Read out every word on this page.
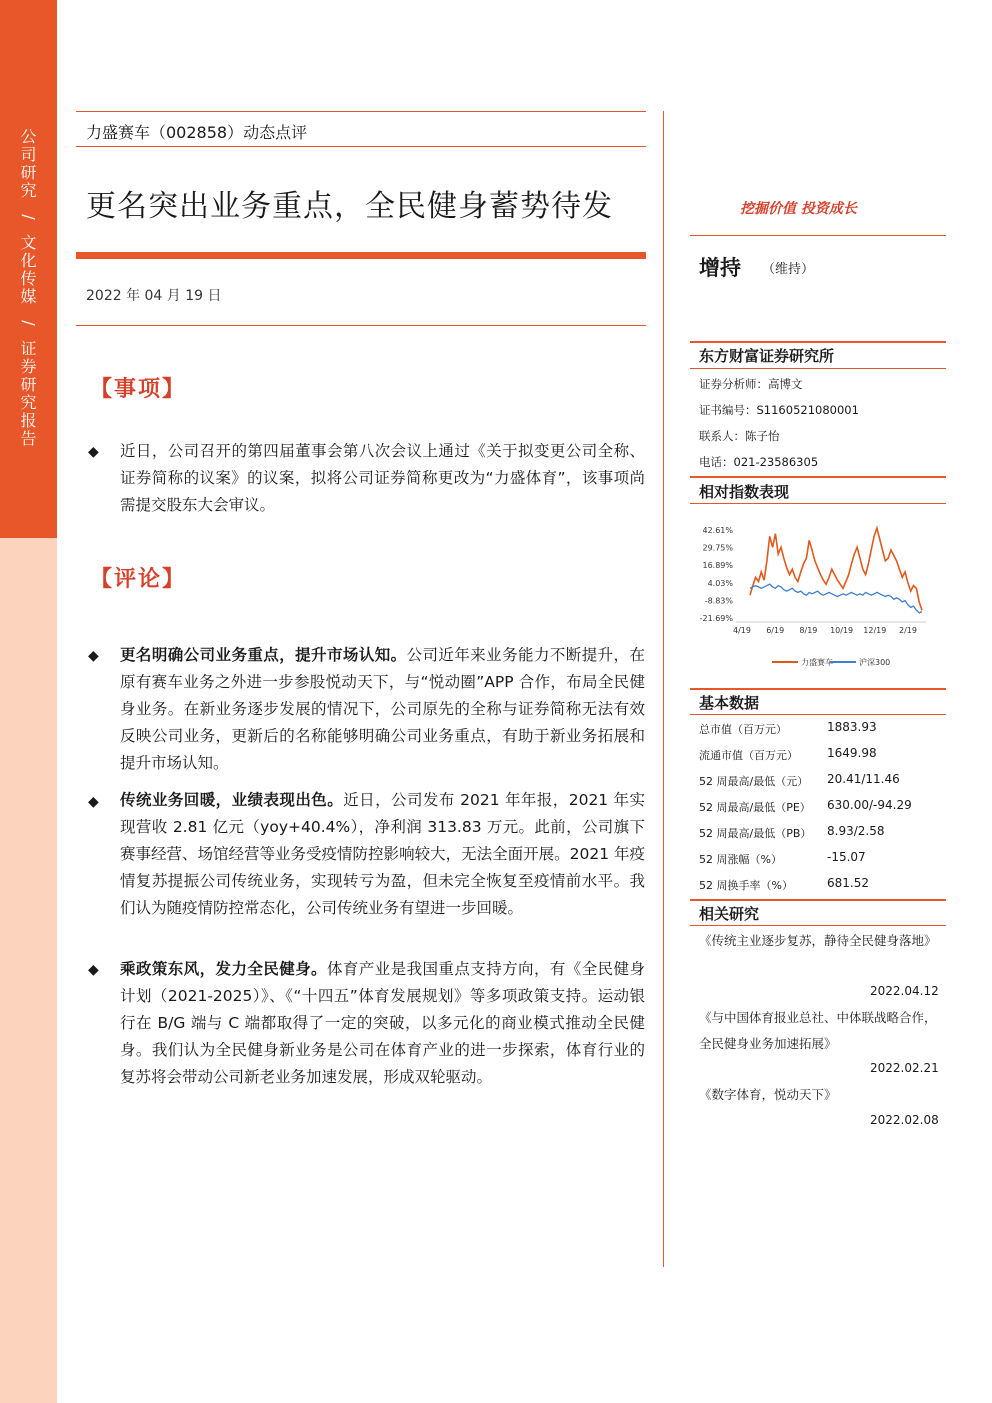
公
司
研
究
/
文
化
传
媒
/
证
券
研
究
报
告
力盛赛车（002858）动态点评
更名突出业务重点，全民健身蓄势待发
2022 年 04 月 19 日
【事项】
◆ 近日，公司召开的第四届董事会第八次会议上通过《关于拟变更公司全称、证券简称的议案》的议案，拟将公司证券简称更改为“力盛体育”，该事项尚需提交股东大会审议。
【评论】
◆ 更名明确公司业务重点，提升市场认知。公司近年来业务能力不断提升，在原有赛车业务之外进一步参股悦动天下，与“悦动圈”APP 合作，布局全民健身业务。在新业务逐步发展的情况下，公司原先的全称与证券简称无法有效反映公司业务，更新后的名称能够明确公司业务重点，有助于新业务拓展和提升市场认知。
◆ 传统业务回暖，业绩表现出色。近日，公司发布 2021 年年报，2021 年实现营收 2.81 亿元（yoy+40.4%），净利润 313.83 万元。此前，公司旗下赛事经营、场馆经营等业务受疫情防控影响较大，无法全面开展。2021 年疫情复苏提振公司传统业务，实现转亏为盈，但未完全恢复至疫情前水平。我们认为随疫情防控常态化，公司传统业务有望进一步回暖。
◆ 乘政策东风，发力全民健身。体育产业是我国重点支持方向，有《全民健身计划（2021-2025）》、《“十四五”体育发展规划》等多项政策支持。运动银行在 B/G 端与 C 端都取得了一定的突破，以多元化的商业模式推动全民健身。我们认为全民健身新业务是公司在体育产业的进一步探索，体育行业的复苏将会带动公司新老业务加速发展，形成双轮驱动。
挖掘价值 投资成长
增持 （维持）
东方财富证券研究所
证券分析师：高博文
证书编号：S1160521080001
联系人：陈子怡
电话：021-23586305
相对指数表现
42.61%
29.75%
16.89%
4.03%
-8.83%
-21.69%
4/19 6/19 8/19 10/19 12/19 2/19
力盛赛车	沪深300
基本数据
总市值（百万元）	1883.93
流通市值（百万元） 1649.98
52 周最高/最低（元） 20.41/11.46
52 周最高/最低（PE） 630.00/-94.29
52 周最高/最低（PB） 8.93/2.58
52 周涨幅（%）	-15.07
52 周换手率（%）	681.52
相关研究
《传统主业逐步复苏，静待全民健身落地》
2022.04.12
《与中国体育报业总社、中体联战略合作，全民健身业务加速拓展》
2022.02.21
《数字体育，悦动天下》
2022.02.08
